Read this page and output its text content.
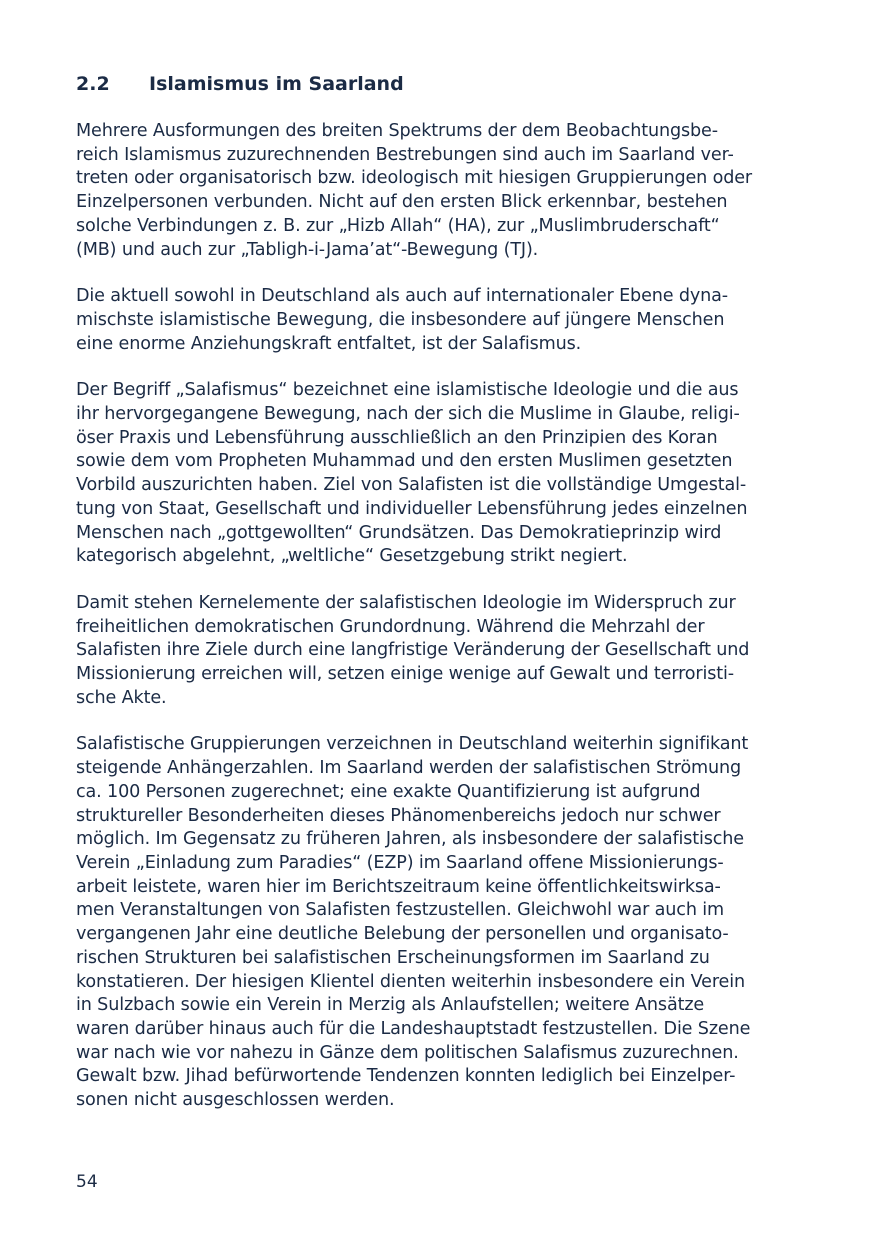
2.2 Islamismus im Saarland

Mehrere Ausformungen des breiten Spektrums der dem Beobachtungsbe-
reich Islamismus zuzurechnenden Bestrebungen sind auch im Saarland ver-
treten oder organisatorisch bzw. ideologisch mit hiesigen Gruppierungen oder
Einzelpersonen verbunden. Nicht auf den ersten Blick erkennbar, bestehen
solche Verbindungen z. B. zur „Hizb Allah“ (HA), zur „Muslimbruderschaft“
(MB) und auch zur „Tabligh-i-Jama’at“-Bewegung (TJ).

Die aktuell sowohl in Deutschland als auch auf internationaler Ebene dyna-
mischste islamistische Bewegung, die insbesondere auf jüngere Menschen
eine enorme Anziehungskraft entfaltet, ist der Salafismus.

Der Begriff „Salafismus“ bezeichnet eine islamistische Ideologie und die aus
ihr hervorgegangene Bewegung, nach der sich die Muslime in Glaube, religi-
öser Praxis und Lebensführung ausschließlich an den Prinzipien des Koran
sowie dem vom Propheten Muhammad und den ersten Muslimen gesetzten
Vorbild auszurichten haben. Ziel von Salafisten ist die vollständige Umgestal-
tung von Staat, Gesellschaft und individueller Lebensführung jedes einzelnen
Menschen nach „gottgewollten“ Grundsätzen. Das Demokratieprinzip wird
kategorisch abgelehnt, „weltliche“ Gesetzgebung strikt negiert.

Damit stehen Kernelemente der salafistischen Ideologie im Widerspruch zur
freiheitlichen demokratischen Grundordnung. Während die Mehrzahl der
Salafisten ihre Ziele durch eine langfristige Veränderung der Gesellschaft und
Missionierung erreichen will, setzen einige wenige auf Gewalt und terroristi-
sche Akte.

Salafistische Gruppierungen verzeichnen in Deutschland weiterhin signifikant
steigende Anhängerzahlen. Im Saarland werden der salafistischen Strömung
ca. 100 Personen zugerechnet; eine exakte Quantifizierung ist aufgrund
struktureller Besonderheiten dieses Phänomenbereichs jedoch nur schwer
möglich. Im Gegensatz zu früheren Jahren, als insbesondere der salafistische
Verein „Einladung zum Paradies“ (EZP) im Saarland offene Missionierungs-
arbeit leistete, waren hier im Berichtszeitraum keine öffentlichkeitswirksa-
men Veranstaltungen von Salafisten festzustellen. Gleichwohl war auch im
vergangenen Jahr eine deutliche Belebung der personellen und organisato-
rischen Strukturen bei salafistischen Erscheinungsformen im Saarland zu
konstatieren. Der hiesigen Klientel dienten weiterhin insbesondere ein Verein
in Sulzbach sowie ein Verein in Merzig als Anlaufstellen; weitere Ansätze
waren darüber hinaus auch für die Landeshauptstadt festzustellen. Die Szene
war nach wie vor nahezu in Gänze dem politischen Salafismus zuzurechnen.
Gewalt bzw. Jihad befürwortende Tendenzen konnten lediglich bei Einzelper-
sonen nicht ausgeschlossen werden.

54
